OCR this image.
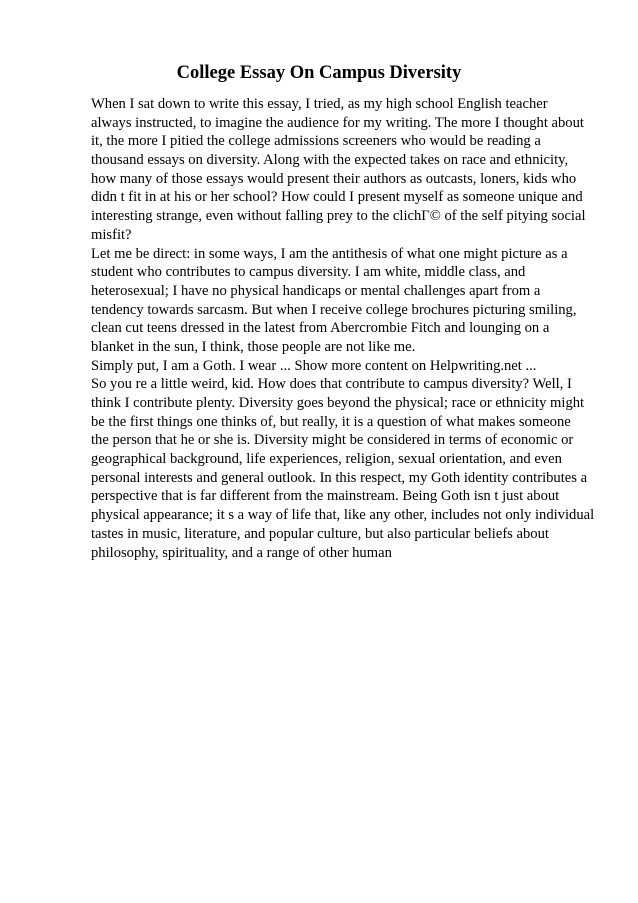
College Essay On Campus Diversity
When I sat down to write this essay, I tried, as my high school English teacher
always instructed, to imagine the audience for my writing. The more I thought about
it, the more I pitied the college admissions screeners who would be reading a
thousand essays on diversity. Along with the expected takes on race and ethnicity,
how many of those essays would present their authors as outcasts, loners, kids who
didn t fit in at his or her school? How could I present myself as someone unique and
interesting strange, even without falling prey to the clichΓ© of the self pitying social
misfit?
Let me be direct: in some ways, I am the antithesis of what one might picture as a
student who contributes to campus diversity. I am white, middle class, and
heterosexual; I have no physical handicaps or mental challenges apart from a
tendency towards sarcasm. But when I receive college brochures picturing smiling,
clean cut teens dressed in the latest from Abercrombie Fitch and lounging on a
blanket in the sun, I think, those people are not like me.
Simply put, I am a Goth. I wear ... Show more content on Helpwriting.net ...
So you re a little weird, kid. How does that contribute to campus diversity? Well, I
think I contribute plenty. Diversity goes beyond the physical; race or ethnicity might
be the first things one thinks of, but really, it is a question of what makes someone
the person that he or she is. Diversity might be considered in terms of economic or
geographical background, life experiences, religion, sexual orientation, and even
personal interests and general outlook. In this respect, my Goth identity contributes a
perspective that is far different from the mainstream. Being Goth isn t just about
physical appearance; it s a way of life that, like any other, includes not only individual
tastes in music, literature, and popular culture, but also particular beliefs about
philosophy, spirituality, and a range of other human
